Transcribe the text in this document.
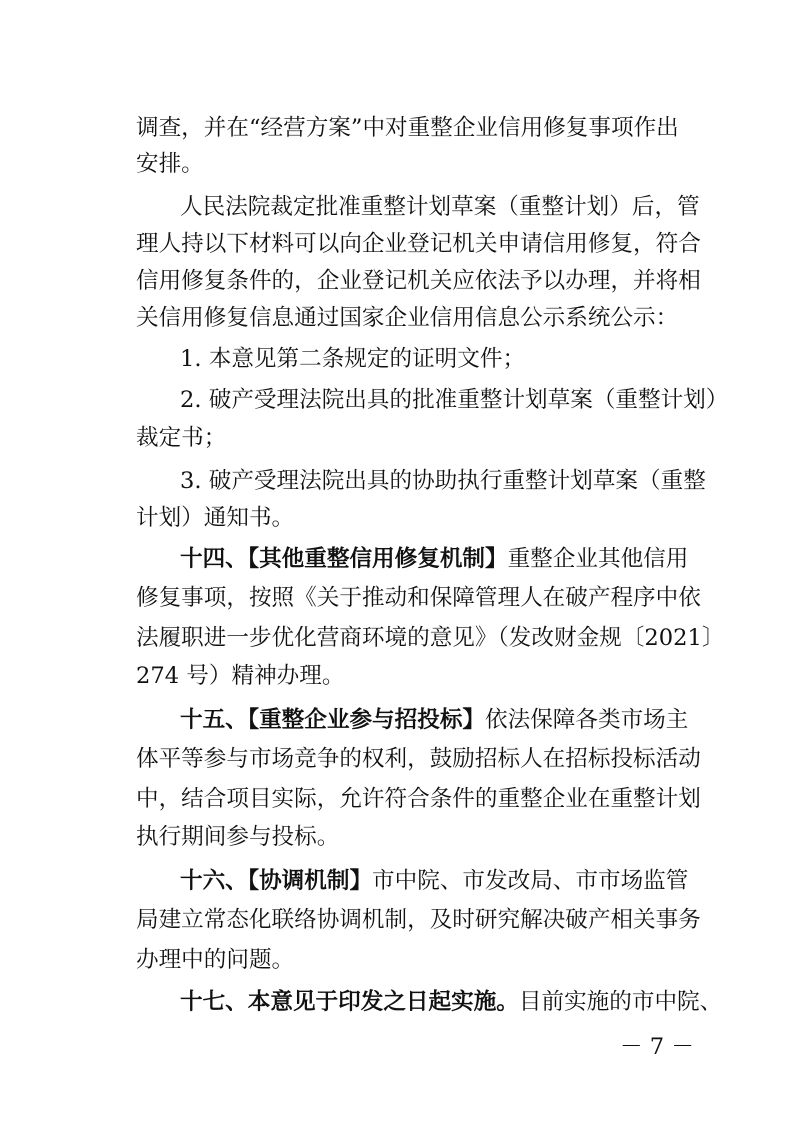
调查，并在“经营方案”中对重整企业信用修复事项作出
安排。
人民法院裁定批准重整计划草案（重整计划）后，管
理人持以下材料可以向企业登记机关申请信用修复，符合
信用修复条件的，企业登记机关应依法予以办理，并将相
关信用修复信息通过国家企业信用信息公示系统公示：
1. 本意见第二条规定的证明文件；
2. 破产受理法院出具的批准重整计划草案（重整计划）
裁定书；
3. 破产受理法院出具的协助执行重整计划草案（重整
计划）通知书。
十四、【其他重整信用修复机制】重整企业其他信用
修复事项，按照《关于推动和保障管理人在破产程序中依
法履职进一步优化营商环境的意见》（发改财金规〔2021〕
274 号）精神办理。
十五、【重整企业参与招投标】依法保障各类市场主
体平等参与市场竞争的权利，鼓励招标人在招标投标活动
中，结合项目实际，允许符合条件的重整企业在重整计划
执行期间参与投标。
十六、【协调机制】市中院、市发改局、市市场监管
局建立常态化联络协调机制，及时研究解决破产相关事务
办理中的问题。
十七、本意见于印发之日起实施。目前实施的市中院、
－ 7 －
